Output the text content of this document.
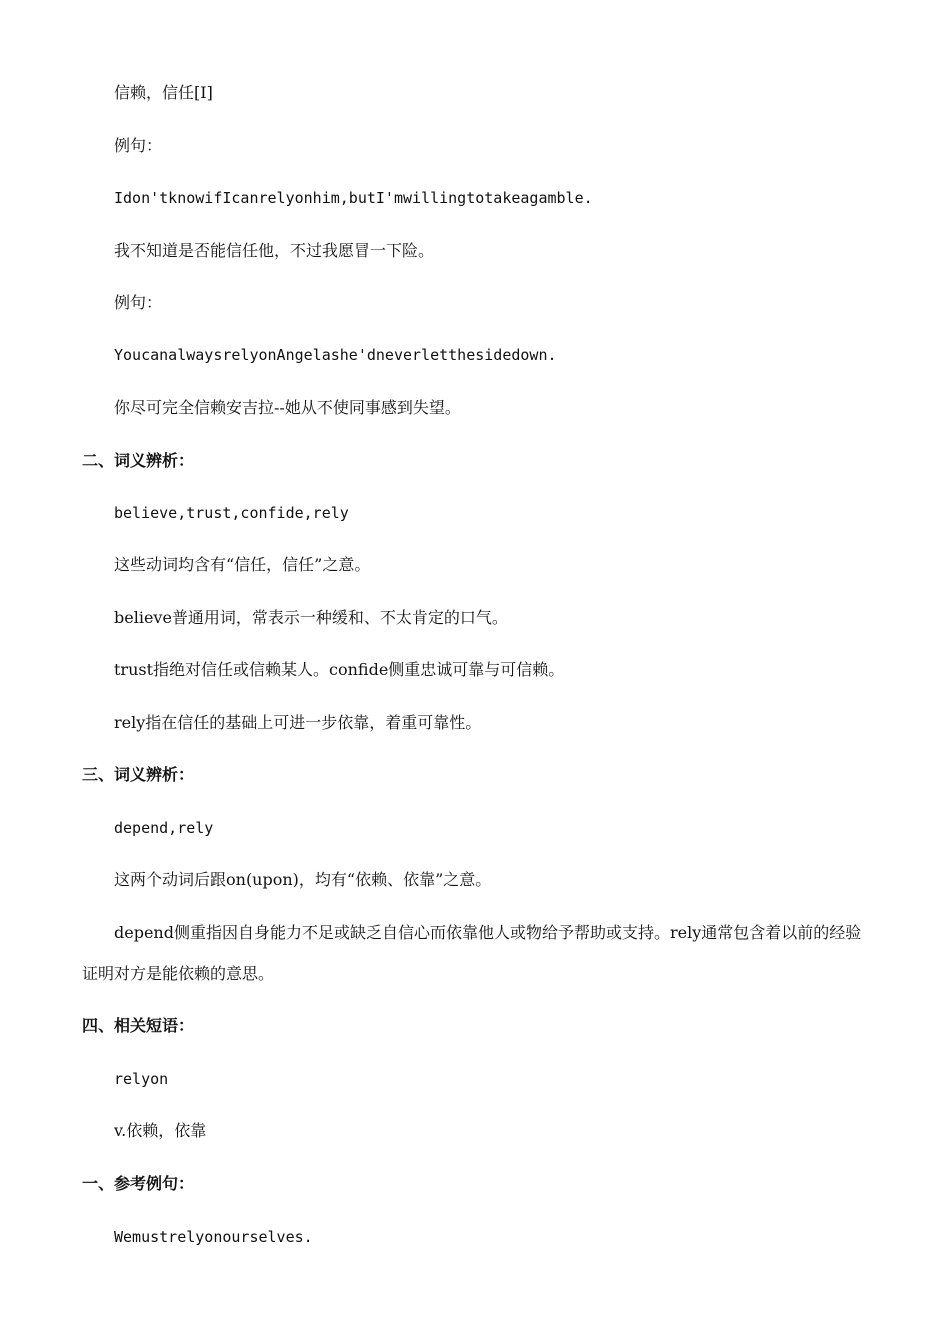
信赖，信任[I]
例句：
Idon'tknowifIcanrelyonhim,butI'mwillingtotakeagamble.
我不知道是否能信任他，不过我愿冒一下险。
例句：
YoucanalwaysrelyonAngelashe'dneverletthesidedown.
你尽可完全信赖安吉拉--她从不使同事感到失望。
二、词义辨析：
believe,trust,confide,rely
这些动词均含有“信任，信任”之意。
believe普通用词，常表示一种缓和、不太肯定的口气。
trust指绝对信任或信赖某人。confide侧重忠诚可靠与可信赖。
rely指在信任的基础上可进一步依靠，着重可靠性。
三、词义辨析：
depend,rely
这两个动词后跟on(upon)，均有“依赖、依靠”之意。
depend侧重指因自身能力不足或缺乏自信心而依靠他人或物给予帮助或支持。rely通常包含着以前的经验证明对方是能依赖的意思。
四、相关短语：
relyon
v.依赖，依靠
一、参考例句：
Wemustrelyonourselves.
